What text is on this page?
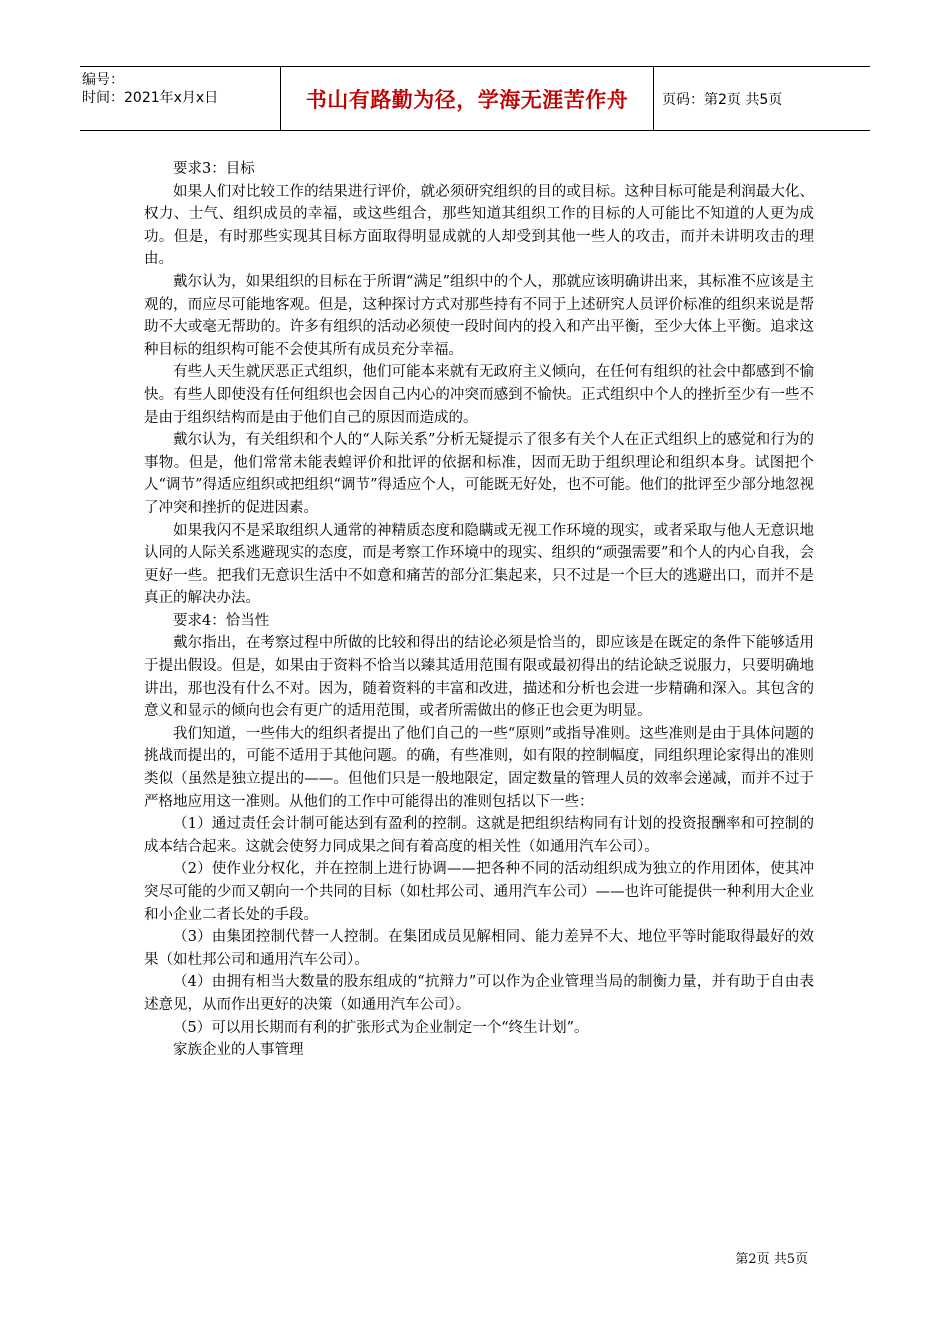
编号：
时间：2021年x月x日	书山有路勤为径，学海无涯苦作舟	页码：第2页 共5页

要求3：目标

如果人们对比较工作的结果进行评价，就必须研究组织的目的或目标。这种目标可能是利润最大化、权力、士气、组织成员的幸福，或这些组合，那些知道其组织工作的目标的人可能比不知道的人更为成功。但是，有时那些实现其目标方面取得明显成就的人却受到其他一些人的攻击，而并未讲明攻击的理由。

戴尔认为，如果组织的目标在于所谓“满足”组织中的个人，那就应该明确讲出来，其标准不应该是主观的，而应尽可能地客观。但是，这种探讨方式对那些持有不同于上述研究人员评价标准的组织来说是帮助不大或毫无帮助的。许多有组织的活动必须使一段时间内的投入和产出平衡，至少大体上平衡。追求这种目标的组织构可能不会使其所有成员充分幸福。

有些人天生就厌恶正式组织，他们可能本来就有无政府主义倾向，在任何有组织的社会中都感到不愉快。有些人即使没有任何组织也会因自己内心的冲突而感到不愉快。正式组织中个人的挫折至少有一些不是由于组织结构而是由于他们自己的原因而造成的。

戴尔认为，有关组织和个人的“人际关系”分析无疑提示了很多有关个人在正式组织上的感觉和行为的事物。但是，他们常常未能表蝗评价和批评的依据和标准，因而无助于组织理论和组织本身。试图把个人“调节”得适应组织或把组织“调节”得适应个人，可能既无好处，也不可能。他们的批评至少部分地忽视了冲突和挫折的促进因素。

如果我闪不是采取组织人通常的神精质态度和隐瞒或无视工作环境的现实，或者采取与他人无意识地认同的人际关系逃避现实的态度，而是考察工作环境中的现实、组织的“顽强需要”和个人的内心自我，会更好一些。把我们无意识生活中不如意和痛苦的部分汇集起来，只不过是一个巨大的逃避出口，而并不是真正的解决办法。

要求4：恰当性

戴尔指出，在考察过程中所做的比较和得出的结论必须是恰当的，即应该是在既定的条件下能够适用于提出假设。但是，如果由于资料不恰当以臻其适用范围有限或最初得出的结论缺乏说服力，只要明确地讲出，那也没有什么不对。因为，随着资料的丰富和改进，描述和分析也会进一步精确和深入。其包含的意义和显示的倾向也会有更广的适用范围，或者所需做出的修正也会更为明显。

我们知道，一些伟大的组织者提出了他们自己的一些“原则”或指导准则。这些准则是由于具体问题的挑战而提出的，可能不适用于其他问题。的确，有些准则，如有限的控制幅度，同组织理论家得出的准则类似（虽然是独立提出的——。但他们只是一般地限定，固定数量的管理人员的效率会递减，而并不过于严格地应用这一准则。从他们的工作中可能得出的准则包括以下一些：

（1）通过责任会计制可能达到有盈利的控制。这就是把组织结构同有计划的投资报酬率和可控制的成本结合起来。这就会使努力同成果之间有着高度的相关性（如通用汽车公司）。

（2）使作业分权化，并在控制上进行协调——把各种不同的活动组织成为独立的作用团体，使其冲突尽可能的少而又朝向一个共同的目标（如杜邦公司、通用汽车公司）——也许可能提供一种利用大企业和小企业二者长处的手段。

（3）由集团控制代替一人控制。在集团成员见解相同、能力差异不大、地位平等时能取得最好的效果（如杜邦公司和通用汽车公司）。

（4）由拥有相当大数量的股东组成的“抗辩力”可以作为企业管理当局的制衡力量，并有助于自由表述意见，从而作出更好的决策（如通用汽车公司）。

（5）可以用长期而有利的扩张形式为企业制定一个“终生计划”。

家族企业的人事管理

第2页 共5页
